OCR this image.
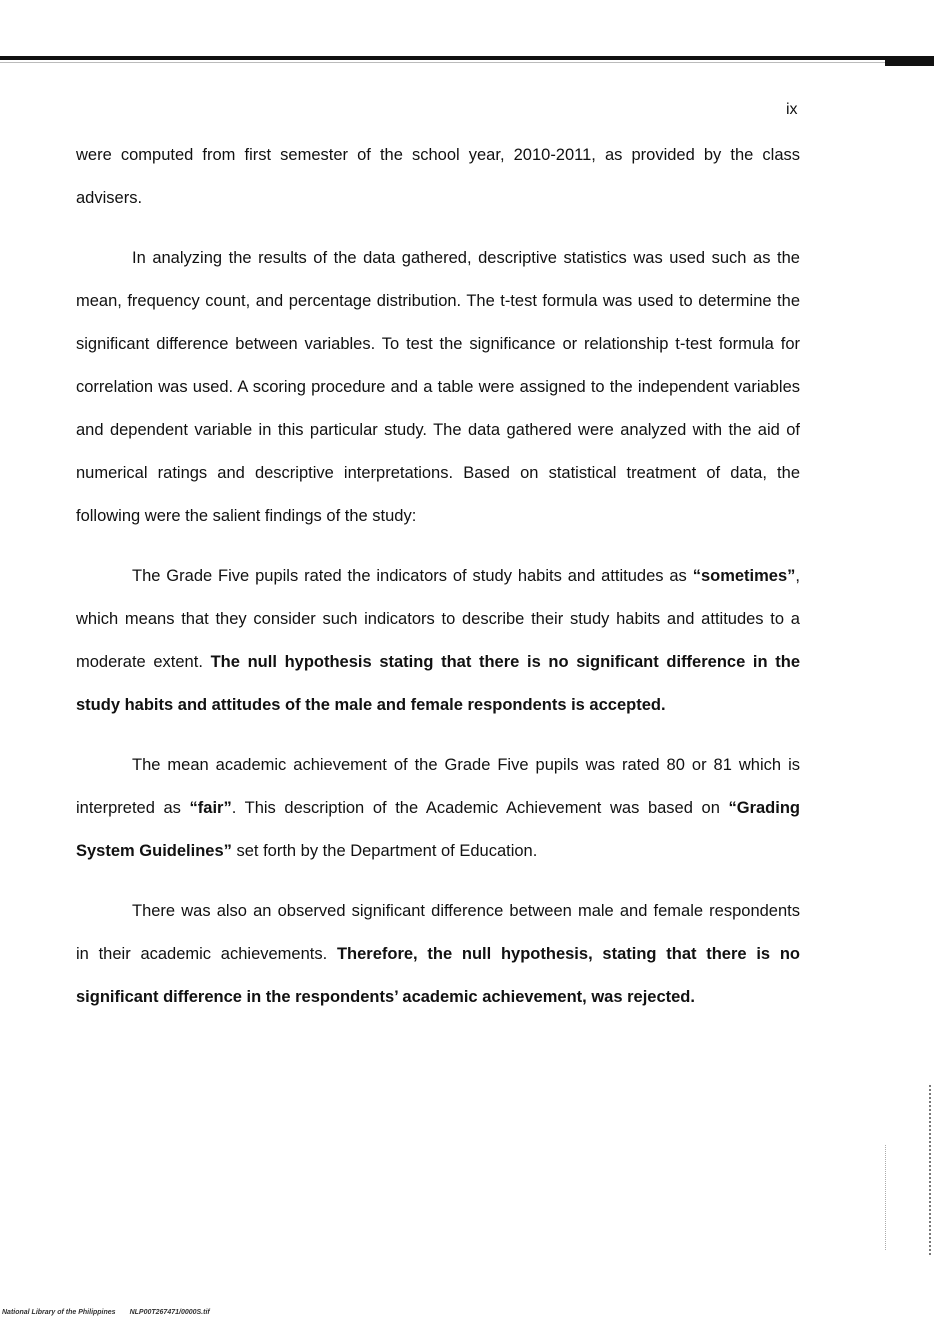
ix

were computed from first semester of the school year, 2010-2011, as provided by the class advisers.

In analyzing the results of the data gathered, descriptive statistics was used such as the mean, frequency count, and percentage distribution. The t-test formula was used to determine the significant difference between variables. To test the significance or relationship t-test formula for correlation was used. A scoring procedure and a table were assigned to the independent variables and dependent variable in this particular study. The data gathered were analyzed with the aid of numerical ratings and descriptive interpretations. Based on statistical treatment of data, the following were the salient findings of the study:

The Grade Five pupils rated the indicators of study habits and attitudes as “sometimes”, which means that they consider such indicators to describe their study habits and attitudes to a moderate extent. The null hypothesis stating that there is no significant difference in the study habits and attitudes of the male and female respondents is accepted.

The mean academic achievement of the Grade Five pupils was rated 80 or 81 which is interpreted as “fair”. This description of the Academic Achievement was based on “Grading System Guidelines” set forth by the Department of Education.

There was also an observed significant difference between male and female respondents in their academic achievements. Therefore, the null hypothesis, stating that there is no significant difference in the respondents’ academic achievement, was rejected.

National Library of the Philippines NLP00T267471/0000S.tif
